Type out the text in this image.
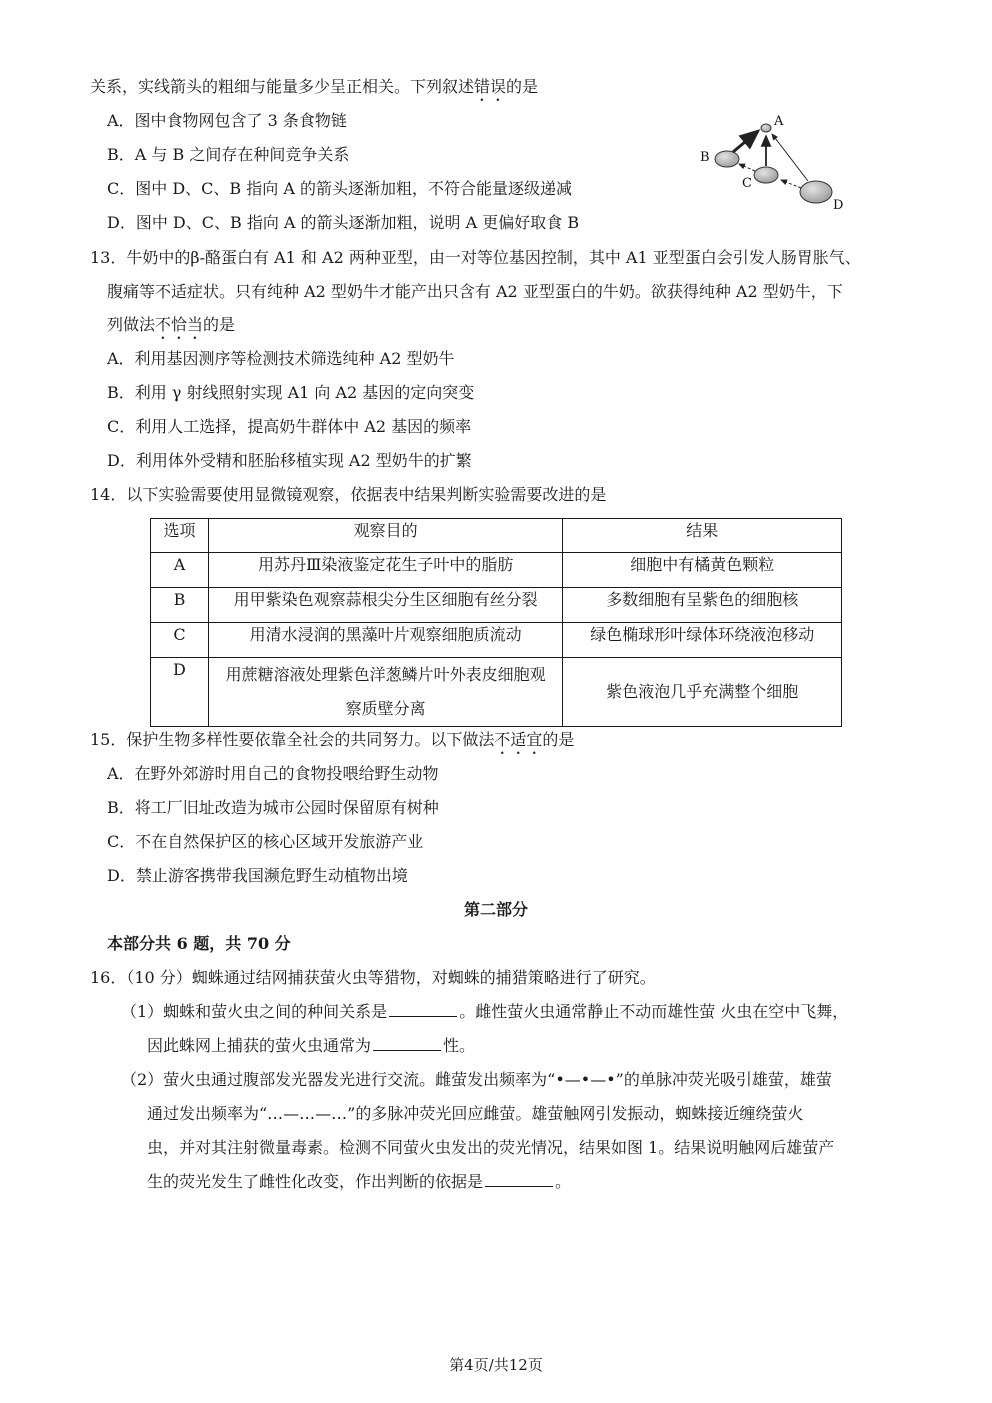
关系，实线箭头的粗细与能量多少呈正相关。下列叙述错误的是
A．图中食物网包含了 3 条食物链
B．A 与 B 之间存在种间竞争关系
C．图中 D、C、B 指向 A 的箭头逐渐加粗，不符合能量逐级递减
D．图中 D、C、B 指向 A 的箭头逐渐加粗，说明 A 更偏好取食 B
A
B
C
D
13．牛奶中的β-酪蛋白有 A1 和 A2 两种亚型，由一对等位基因控制，其中 A1 亚型蛋白会引发人肠胃胀气、
腹痛等不适症状。只有纯种 A2 型奶牛才能产出只含有 A2 亚型蛋白的牛奶。欲获得纯种 A2 型奶牛，下
列做法不恰当的是
A．利用基因测序等检测技术筛选纯种 A2 型奶牛
B．利用 γ 射线照射实现 A1 向 A2 基因的定向突变
C．利用人工选择，提高奶牛群体中 A2 基因的频率
D．利用体外受精和胚胎移植实现 A2 型奶牛的扩繁
14．以下实验需要使用显微镜观察，依据表中结果判断实验需要改进的是
选项	观察目的	结果
A	用苏丹Ⅲ染液鉴定花生子叶中的脂肪	细胞中有橘黄色颗粒
B	用甲紫染色观察蒜根尖分生区细胞有丝分裂	多数细胞有呈紫色的细胞核
C	用清水浸润的黑藻叶片观察细胞质流动	绿色椭球形叶绿体环绕液泡移动
D	用蔗糖溶液处理紫色洋葱鳞片叶外表皮细胞观
察质壁分离	紫色液泡几乎充满整个细胞
15．保护生物多样性要依靠全社会的共同努力。以下做法不适宜的是
A．在野外郊游时用自己的食物投喂给野生动物
B．将工厂旧址改造为城市公园时保留原有树种
C．不在自然保护区的核心区域开发旅游产业
D．禁止游客携带我国濒危野生动植物出境
第二部分
本部分共 6 题，共 70 分
16．（10 分）蜘蛛通过结网捕获萤火虫等猎物，对蜘蛛的捕猎策略进行了研究。
（1）蜘蛛和萤火虫之间的种间关系是	。雌性萤火虫通常静止不动而雄性萤 火虫在空中飞舞，
因此蛛网上捕获的萤火虫通常为	性。
（2）萤火虫通过腹部发光器发光进行交流。雌萤发出频率为“•—•—•”的单脉冲荧光吸引雄萤，雄萤
通过发出频率为“…—…—…”的多脉冲荧光回应雌萤。雄萤触网引发振动，蜘蛛接近缠绕萤火
虫，并对其注射微量毒素。检测不同萤火虫发出的荧光情况，结果如图 1。结果说明触网后雄萤产
生的荧光发生了雌性化改变，作出判断的依据是	。
第4页/共12页
